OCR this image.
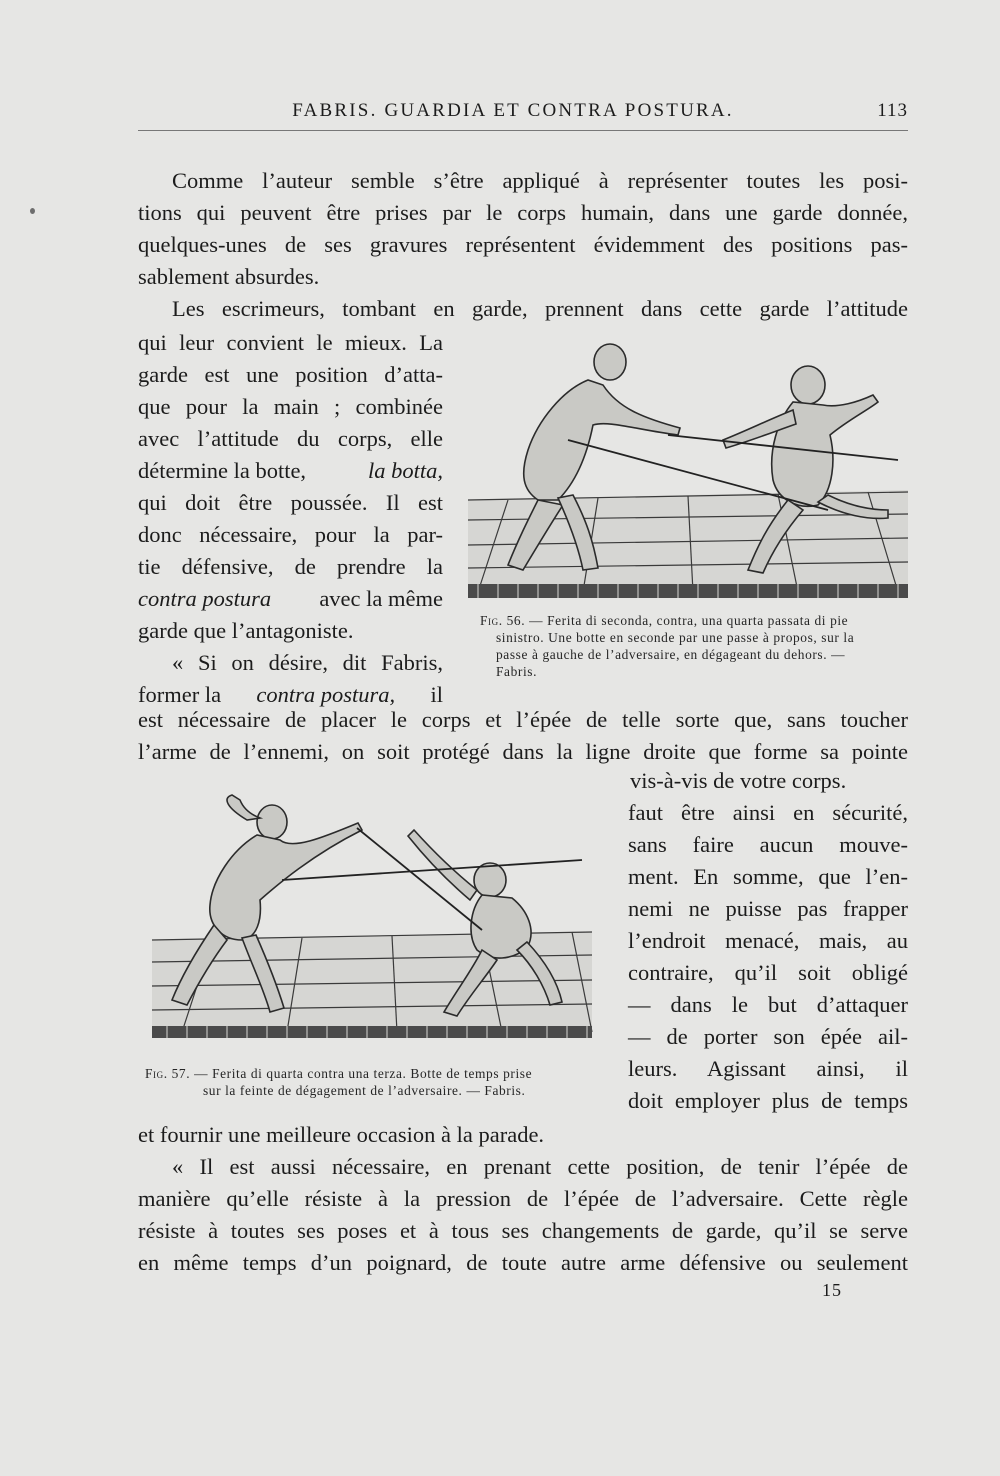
FABRIS. GUARDIA ET CONTRA POSTURA.	113
Comme l’auteur semble s’être appliqué à représenter toutes les posi-
tions qui peuvent être prises par le corps humain, dans une garde donnée,
quelques-unes de ses gravures représentent évidemment des positions pas-
sablement absurdes.
Les escrimeurs, tombant en garde, prennent dans cette garde l’attitude
qui leur convient le mieux. La
garde est une position d’atta-
que pour la main ; combinée
avec l’attitude du corps, elle
détermine la botte,	la botta,
qui doit être poussée. Il est
donc nécessaire, pour la par-
tie défensive, de prendre la
contra postura avec la même
garde que l’antagoniste.
« Si on désire, dit Fabris,
former la contra postura, il
est nécessaire de placer le corps et l’épée de telle sorte que, sans toucher
l’arme de l’ennemi, on soit protégé dans la ligne droite que forme sa pointe
vis-à-vis de votre corps.
faut être ainsi en sécurité,
sans faire aucun mouve-
ment. En somme, que l’en-
nemi ne puisse pas frapper
l’endroit menacé, mais, au
contraire, qu’il soit obligé
— dans le but d’attaquer
— de porter son épée ail-
leurs. Agissant ainsi, il
doit employer plus de temps
et fournir une meilleure occasion à la parade.
« Il est aussi nécessaire, en prenant cette position, de tenir l’épée de
manière qu’elle résiste à la pression de l’épée de l’adversaire. Cette règle
résiste à toutes ses poses et à tous ses changements de garde, qu’il se serve
en même temps d’un poignard, de toute autre arme défensive ou seulement
15
Fig. 56. — Ferita di seconda, contra, una quarta passata di pie
sinistro. Une botte en seconde par une passe à propos, sur la
passe à gauche de l’adversaire, en dégageant du dehors. —
Fabris.
Fig. 57. — Ferita di quarta contra una terza. Botte de temps prise
sur la feinte de dégagement de l’adversaire. — Fabris.
